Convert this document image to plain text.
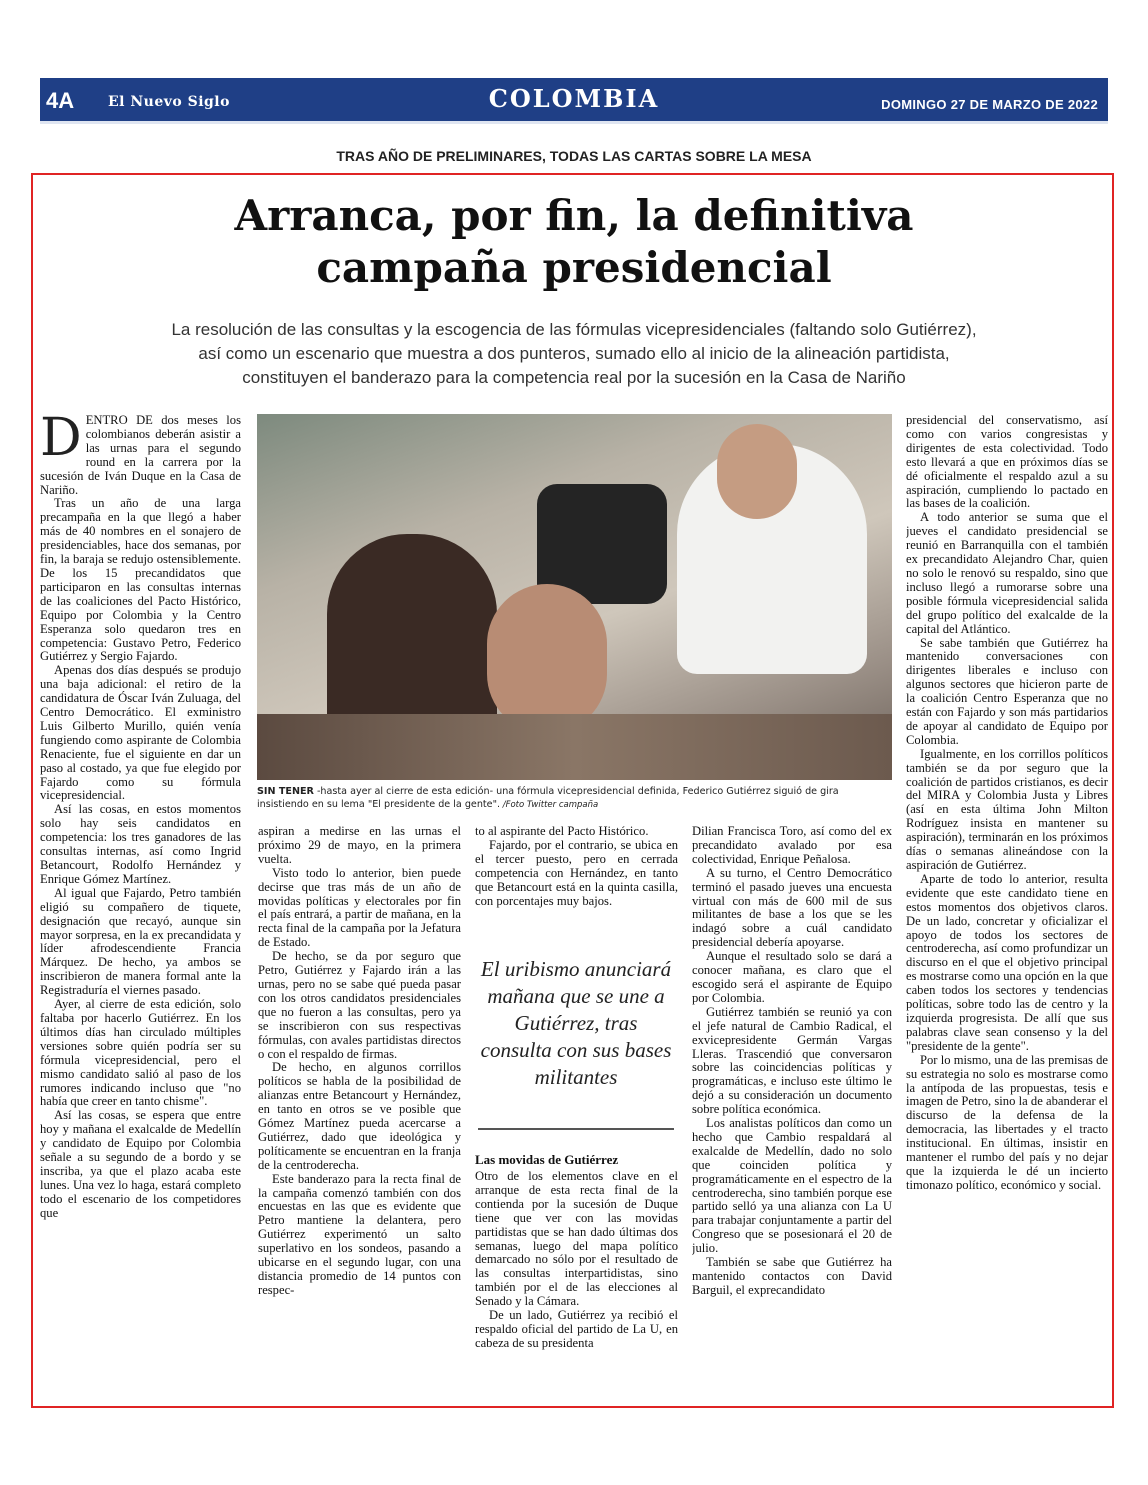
4A El Nuevo Siglo	COLOMBIA	DOMINGO 27 DE MARZO DE 2022
TRAS AÑO DE PRELIMINARES, TODAS LAS CARTAS SOBRE LA MESA
Arranca, por fin, la definitiva
campaña presidencial
La resolución de las consultas y la escogencia de las fórmulas vicepresidenciales (faltando solo Gutiérrez),
así como un escenario que muestra a dos punteros, sumado ello al inicio de la alineación partidista,
constituyen el banderazo para la competencia real por la sucesión en la Casa de Nariño
D ENTRO DE dos meses los colombianos deberán asistir a las urnas para el segundo round en la carrera por la sucesión de Iván Duque en la Casa de Nariño.

Tras un año de una larga precampaña en la que llegó a haber más de 40 nombres en el sonajero de presidenciables, hace dos semanas, por fin, la baraja se redujo ostensiblemente. De los 15 precandidatos que participaron en las consultas internas de las coaliciones del Pacto Histórico, Equipo por Colombia y la Centro Esperanza solo quedaron tres en competencia: Gustavo Petro, Federico Gutiérrez y Sergio Fajardo.

Apenas dos días después se produjo una baja adicional: el retiro de la candidatura de Óscar Iván Zuluaga, del Centro Democrático. El exministro Luis Gilberto Murillo, quién venía fungiendo como aspirante de Colombia Renaciente, fue el siguiente en dar un paso al costado, ya que fue elegido por Fajardo como su fórmula vicepresidencial.

Así las cosas, en estos momentos solo hay seis candidatos en competencia: los tres ganadores de las consultas internas, así como Ingrid Betancourt, Rodolfo Hernández y Enrique Gómez Martínez.

Al igual que Fajardo, Petro también eligió su compañero de tiquete, designación que recayó, aunque sin mayor sorpresa, en la ex precandidata y líder afrodescendiente Francia Márquez. De hecho, ya ambos se inscribieron de manera formal ante la Registraduría el viernes pasado.

Ayer, al cierre de esta edición, solo faltaba por hacerlo Gutiérrez. En los últimos días han circulado múltiples versiones sobre quién podría ser su fórmula vicepresidencial, pero el mismo candidato salió al paso de los rumores indicando incluso que "no había que creer en tanto chisme".

Así las cosas, se espera que entre hoy y mañana el exalcalde de Medellín y candidato de Equipo por Colombia señale a su segundo de a bordo y se inscriba, ya que el plazo acaba este lunes. Una vez lo haga, estará completo todo el escenario de los competidores que

SIN TENER -hasta ayer al cierre de esta edición- una fórmula vicepresidencial definida, Federico Gutiérrez siguió de gira insistiendo en su lema "El presidente de la gente". /Foto Twitter campaña

aspiran a medirse en las urnas el próximo 29 de mayo, en la primera vuelta.

Visto todo lo anterior, bien puede decirse que tras más de un año de movidas políticas y electorales por fin el país entrará, a partir de mañana, en la recta final de la campaña por la Jefatura de Estado.

De hecho, se da por seguro que Petro, Gutiérrez y Fajardo irán a las urnas, pero no se sabe qué pueda pasar con los otros candidatos presidenciales que no fueron a las consultas, pero ya se inscribieron con sus respectivas fórmulas, con avales partidistas directos o con el respaldo de firmas.

De hecho, en algunos corrillos políticos se habla de la posibilidad de alianzas entre Betancourt y Hernández, en tanto en otros se ve posible que Gómez Martínez pueda acercarse a Gutiérrez, dado que ideológica y políticamente se encuentran en la franja de la centroderecha.

Este banderazo para la recta final de la campaña comenzó también con dos encuestas en las que es evidente que Petro mantiene la delantera, pero Gutiérrez experimentó un salto superlativo en los sondeos, pasando a ubicarse en el segundo lugar, con una distancia promedio de 14 puntos con respec-

to al aspirante del Pacto Histórico.

Fajardo, por el contrario, se ubica en el tercer puesto, pero en cerrada competencia con Hernández, en tanto que Betancourt está en la quinta casilla, con porcentajes muy bajos.

El uribismo anunciará mañana que se une a Gutiérrez, tras consulta con sus bases militantes
Las movidas de Gutiérrez

Otro de los elementos clave en el arranque de esta recta final de la contienda por la sucesión de Duque tiene que ver con las movidas partidistas que se han dado últimas dos semanas, luego del mapa político demarcado no sólo por el resultado de las consultas interpartidistas, sino también por el de las elecciones al Senado y la Cámara.

De un lado, Gutiérrez ya recibió el respaldo oficial del partido de La U, en cabeza de su presidenta

Dilian Francisca Toro, así como del ex precandidato avalado por esa colectividad, Enrique Peñalosa.

A su turno, el Centro Democrático terminó el pasado jueves una encuesta virtual con más de 600 mil de sus militantes de base a los que se les indagó sobre a cuál candidato presidencial debería apoyarse.

Aunque el resultado solo se dará a conocer mañana, es claro que el escogido será el aspirante de Equipo por Colombia.

Gutiérrez también se reunió ya con el jefe natural de Cambio Radical, el exvicepresidente Germán Vargas Lleras. Trascendió que conversaron sobre las coincidencias políticas y programáticas, e incluso este último le dejó a su consideración un documento sobre política económica.

Los analistas políticos dan como un hecho que Cambio respaldará al exalcalde de Medellín, dado no solo que coinciden política y programáticamente en el espectro de la centroderecha, sino también porque ese partido selló ya una alianza con La U para trabajar conjuntamente a partir del Congreso que se posesionará el 20 de julio.

También se sabe que Gutiérrez ha mantenido contactos con David Barguil, el exprecandidato

presidencial del conservatismo, así como con varios congresistas y dirigentes de esta colectividad. Todo esto llevará a que en próximos días se dé oficialmente el respaldo azul a su aspiración, cumpliendo lo pactado en las bases de la coalición.

A todo anterior se suma que el jueves el candidato presidencial se reunió en Barranquilla con el también ex precandidato Alejandro Char, quien no solo le renovó su respaldo, sino que incluso llegó a rumorarse sobre una posible fórmula vicepresidencial salida del grupo político del exalcalde de la capital del Atlántico.

Se sabe también que Gutiérrez ha mantenido conversaciones con dirigentes liberales e incluso con algunos sectores que hicieron parte de la coalición Centro Esperanza que no están con Fajardo y son más partidarios de apoyar al candidato de Equipo por Colombia.

Igualmente, en los corrillos políticos también se da por seguro que la coalición de partidos cristianos, es decir del MIRA y Colombia Justa y Libres (así en esta última John Milton Rodríguez insista en mantener su aspiración), terminarán en los próximos días o semanas alineándose con la aspiración de Gutiérrez.

Aparte de todo lo anterior, resulta evidente que este candidato tiene en estos momentos dos objetivos claros. De un lado, concretar y oficializar el apoyo de todos los sectores de centroderecha, así como profundizar un discurso en el que el objetivo principal es mostrarse como una opción en la que caben todos los sectores y tendencias políticas, sobre todo las de centro y la izquierda progresista. De allí que sus palabras clave sean consenso y la del "presidente de la gente".

Por lo mismo, una de las premisas de su estrategia no solo es mostrarse como la antípoda de las propuestas, tesis e imagen de Petro, sino la de abanderar el discurso de la defensa de la democracia, las libertades y el tracto institucional. En últimas, insistir en mantener el rumbo del país y no dejar que la izquierda le dé un incierto timonazo político, económico y social.
